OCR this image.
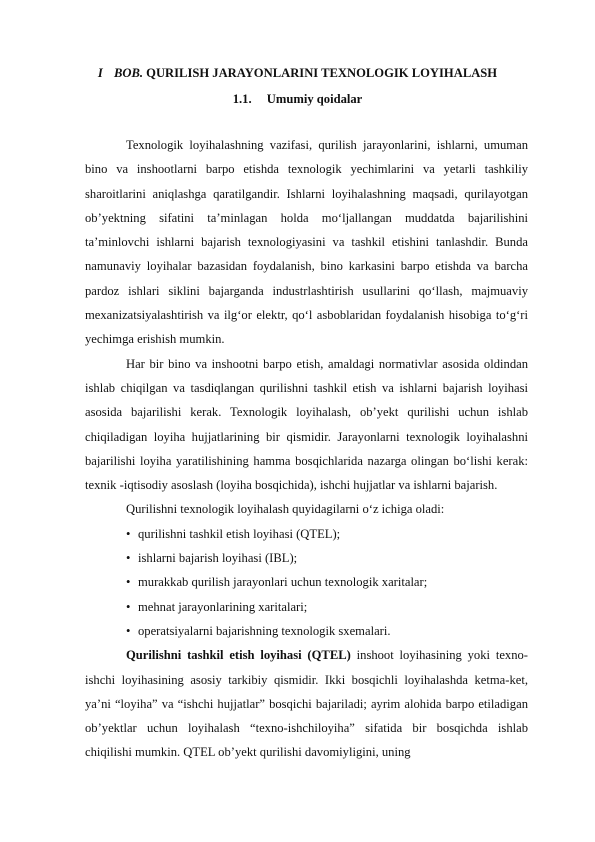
I BOB. QURILISH JARAYONLARINI TEXNOLOGIK LOYIHALASH
1.1. Umumiy qoidalar

Texnologik loyihalashning vazifasi, qurilish jarayonlarini, ishlarni, umuman bino va inshootlarni barpo etishda texnologik yechimlarini va yetarli tashkiliy sharoitlarini aniqlashga qaratilgandir. Ishlarni loyihalashning maqsadi, qurilayotgan ob’yektning sifatini ta’minlagan holda mo‘ljallangan muddatda bajarilishini ta’minlovchi ishlarni bajarish texnologiyasini va tashkil etishini tanlashdir. Bunda namunaviy loyihalar bazasidan foydalanish, bino karkasini barpo etishda va barcha pardoz ishlari siklini bajarganda industrlashtirish usullarini qo‘llash, majmuaviy mexanizatsiyalashtirish va ilg‘or elektr, qo‘l asboblaridan foydalanish hisobiga to‘g‘ri yechimga erishish mumkin.

Har bir bino va inshootni barpo etish, amaldagi normativlar asosida oldindan ishlab chiqilgan va tasdiqlangan qurilishni tashkil etish va ishlarni bajarish loyihasi asosida bajarilishi kerak. Texnologik loyihalash, ob’yekt qurilishi uchun ishlab chiqiladigan loyiha hujjatlarining bir qismidir. Jarayonlarni texnologik loyihalashni bajarilishi loyiha yaratilishining hamma bosqichlarida nazarga olingan bo‘lishi kerak: texnik -iqtisodiy asoslash (loyiha bosqichida), ishchi hujjatlar va ishlarni bajarish.

Qurilishni texnologik loyihalash quyidagilarni o‘z ichiga oladi:

• qurilishni tashkil etish loyihasi (QTEL);

• ishlarni bajarish loyihasi (IBL);

• murakkab qurilish jarayonlari uchun texnologik xaritalar;

• mehnat jarayonlarining xaritalari;

• operatsiyalarni bajarishning texnologik sxemalari.

Qurilishni tashkil etish loyihasi (QTEL) inshoot loyihasining yoki texno-ishchi loyihasining asosiy tarkibiy qismidir. Ikki bosqichli loyihalashda ketma-ket, ya’ni “loyiha” va “ishchi hujjatlar” bosqichi bajariladi; ayrim alohida barpo etiladigan ob’yektlar uchun loyihalash “texno-ishchiloyiha” sifatida bir bosqichda ishlab chiqilishi mumkin. QTEL ob’yekt qurilishi davomiyligini, uning
